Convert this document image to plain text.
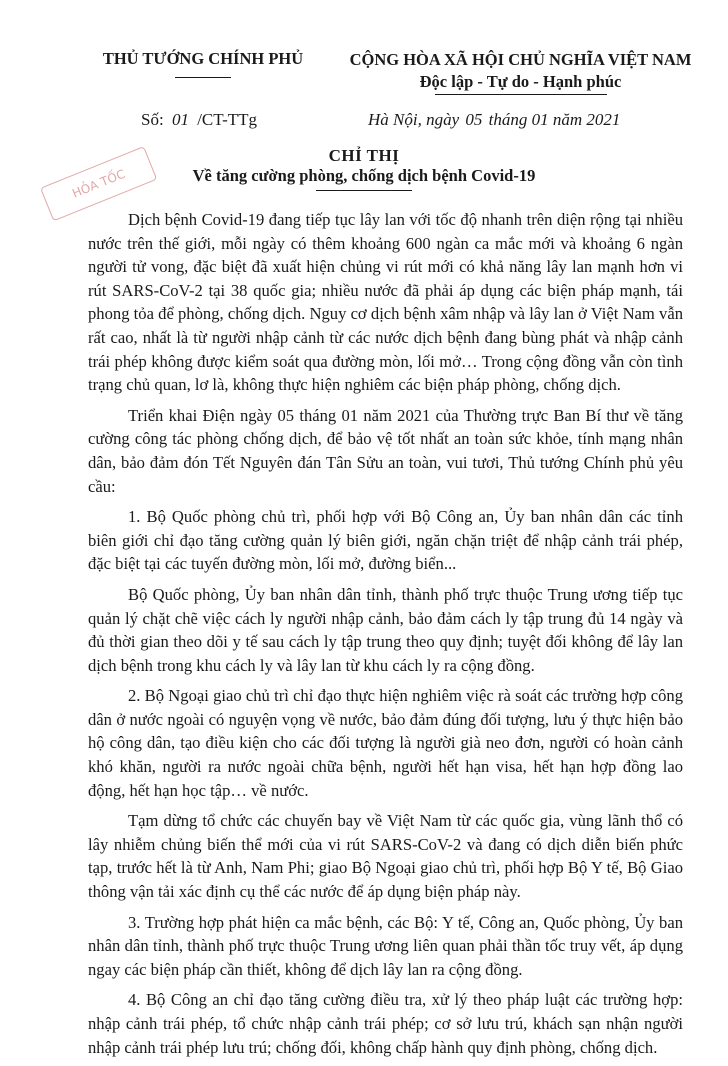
THỦ TƯỚNG CHÍNH PHỦ	CỘNG HÒA XÃ HỘI CHỦ NGHĨA VIỆT NAM
Độc lập - Tự do - Hạnh phúc
Số: 01 /CT-TTg	Hà Nội, ngày 05 tháng 01 năm 2021
CHỈ THỊ
Về tăng cường phòng, chống dịch bệnh Covid-19
HỎA TỐC

Dịch bệnh Covid-19 đang tiếp tục lây lan với tốc độ nhanh trên diện rộng tại nhiều nước trên thế giới, mỗi ngày có thêm khoảng 600 ngàn ca mắc mới và khoảng 6 ngàn người tử vong, đặc biệt đã xuất hiện chủng vi rút mới có khả năng lây lan mạnh hơn vi rút SARS-CoV-2 tại 38 quốc gia; nhiều nước đã phải áp dụng các biện pháp mạnh, tái phong tỏa để phòng, chống dịch. Nguy cơ dịch bệnh xâm nhập và lây lan ở Việt Nam vẫn rất cao, nhất là từ người nhập cảnh từ các nước dịch bệnh đang bùng phát và nhập cảnh trái phép không được kiểm soát qua đường mòn, lối mở… Trong cộng đồng vẫn còn tình trạng chủ quan, lơ là, không thực hiện nghiêm các biện pháp phòng, chống dịch.

Triển khai Điện ngày 05 tháng 01 năm 2021 của Thường trực Ban Bí thư về tăng cường công tác phòng chống dịch, để bảo vệ tốt nhất an toàn sức khỏe, tính mạng nhân dân, bảo đảm đón Tết Nguyên đán Tân Sửu an toàn, vui tươi, Thủ tướng Chính phủ yêu cầu:

1. Bộ Quốc phòng chủ trì, phối hợp với Bộ Công an, Ủy ban nhân dân các tỉnh biên giới chỉ đạo tăng cường quản lý biên giới, ngăn chặn triệt để nhập cảnh trái phép, đặc biệt tại các tuyến đường mòn, lối mở, đường biển...

Bộ Quốc phòng, Ủy ban nhân dân tỉnh, thành phố trực thuộc Trung ương tiếp tục quản lý chặt chẽ việc cách ly người nhập cảnh, bảo đảm cách ly tập trung đủ 14 ngày và đủ thời gian theo dõi y tế sau cách ly tập trung theo quy định; tuyệt đối không để lây lan dịch bệnh trong khu cách ly và lây lan từ khu cách ly ra cộng đồng.

2. Bộ Ngoại giao chủ trì chỉ đạo thực hiện nghiêm việc rà soát các trường hợp công dân ở nước ngoài có nguyện vọng về nước, bảo đảm đúng đối tượng, lưu ý thực hiện bảo hộ công dân, tạo điều kiện cho các đối tượng là người già neo đơn, người có hoàn cảnh khó khăn, người ra nước ngoài chữa bệnh, người hết hạn visa, hết hạn hợp đồng lao động, hết hạn học tập… về nước.

Tạm dừng tổ chức các chuyến bay về Việt Nam từ các quốc gia, vùng lãnh thổ có lây nhiễm chủng biến thể mới của vi rút SARS-CoV-2 và đang có dịch diễn biến phức tạp, trước hết là từ Anh, Nam Phi; giao Bộ Ngoại giao chủ trì, phối hợp Bộ Y tế, Bộ Giao thông vận tải xác định cụ thể các nước để áp dụng biện pháp này.

3. Trường hợp phát hiện ca mắc bệnh, các Bộ: Y tế, Công an, Quốc phòng, Ủy ban nhân dân tỉnh, thành phố trực thuộc Trung ương liên quan phải thần tốc truy vết, áp dụng ngay các biện pháp cần thiết, không để dịch lây lan ra cộng đồng.

4. Bộ Công an chỉ đạo tăng cường điều tra, xử lý theo pháp luật các trường hợp: nhập cảnh trái phép, tổ chức nhập cảnh trái phép; cơ sở lưu trú, khách sạn nhận người nhập cảnh trái phép lưu trú; chống đối, không chấp hành quy định phòng, chống dịch.
